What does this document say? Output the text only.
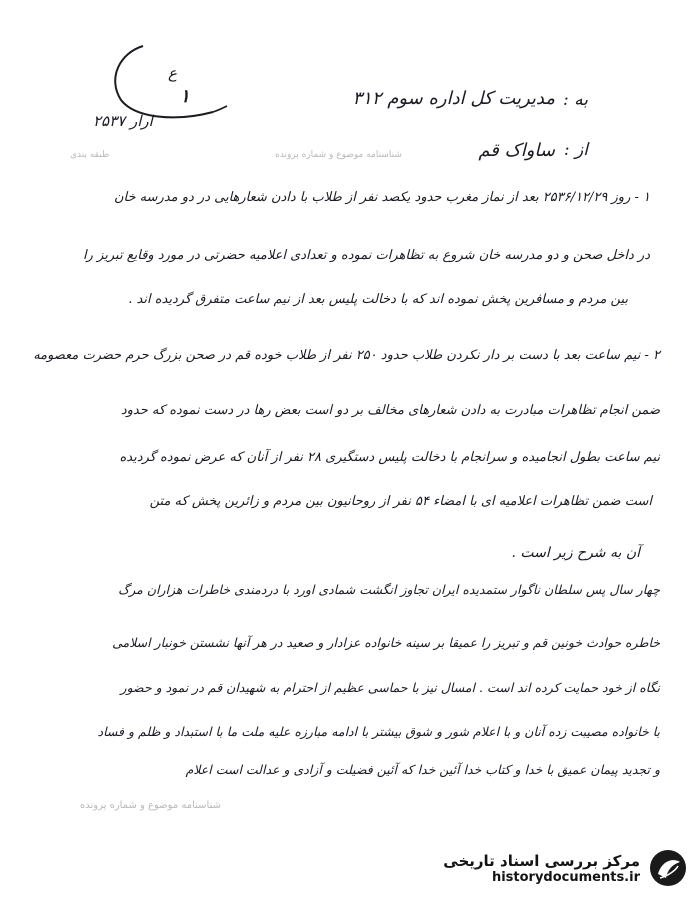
ع
۱
ارار ۲۵۳۷
به :
مدیریت کل اداره سوم ۳۱۲
طبقه بندی	شناسنامه موضوع و شماره پرونده	از :
ساواک قم
۱ - روز ۲۵۳۶/۱۲/۲۹ بعد از نماز مغرب حدود یکصد نفر از طلاب با دادن شعارهایی در دو مدرسه خان
در داخل صحن و دو مدرسه خان شروع به تظاهرات نموده و تعدادی اعلامیه حضرتی در مورد وقایع تبریز را
بین مردم و مسافرین پخش نموده اند که با دخالت پلیس بعد از نیم ساعت متفرق گردیده اند .
۲ - نیم ساعت بعد با دست بر دار نکردن طلاب حدود ۲۵۰ نفر از طلاب خوده قم در صحن بزرگ حرم حضرت معصومه
ضمن انجام تظاهرات مبادرت به دادن شعارهای مخالف بر دو است بعض رها در دست نموده که حدود
نیم ساعت بطول انجامیده و سرانجام با دخالت پلیس دستگیری ۲۸ نفر از آنان که عرض نموده گردیده
است ضمن تظاهرات اعلامیه ای با امضاء ۵۴ نفر از روحانیون بین مردم و زائرین پخش که متن
آن به شرح زیر است .
چهار سال پس سلطان ناگوار ستمدیده ایران تجاوز انگشت شمادی اورد با دردمندی خاطرات هزاران مرگ
خاطره حوادث خونین قم و تبریز را عمیقا بر سینه خانواده عزادار و صعید در هر آنها نشستن خونبار اسلامی
نگاه از خود حمایت کرده اند است . امسال نیز با حماسی عظیم از احترام به شهیدان قم در نمود و حضور
با خانواده مصیبت زده آنان و با اعلام شور و شوق بیشتر با ادامه مبارزه علیه ملت ما با استبداد و ظلم و فساد
و تجدید پیمان عمیق با خدا و کتاب خدا آئین خدا که آئین فضیلت و آزادی و عدالت است اعلام
شناسنامه موضوع و شماره پرونده
مرکز بررسی اسناد تاریخی
historydocuments.ir
